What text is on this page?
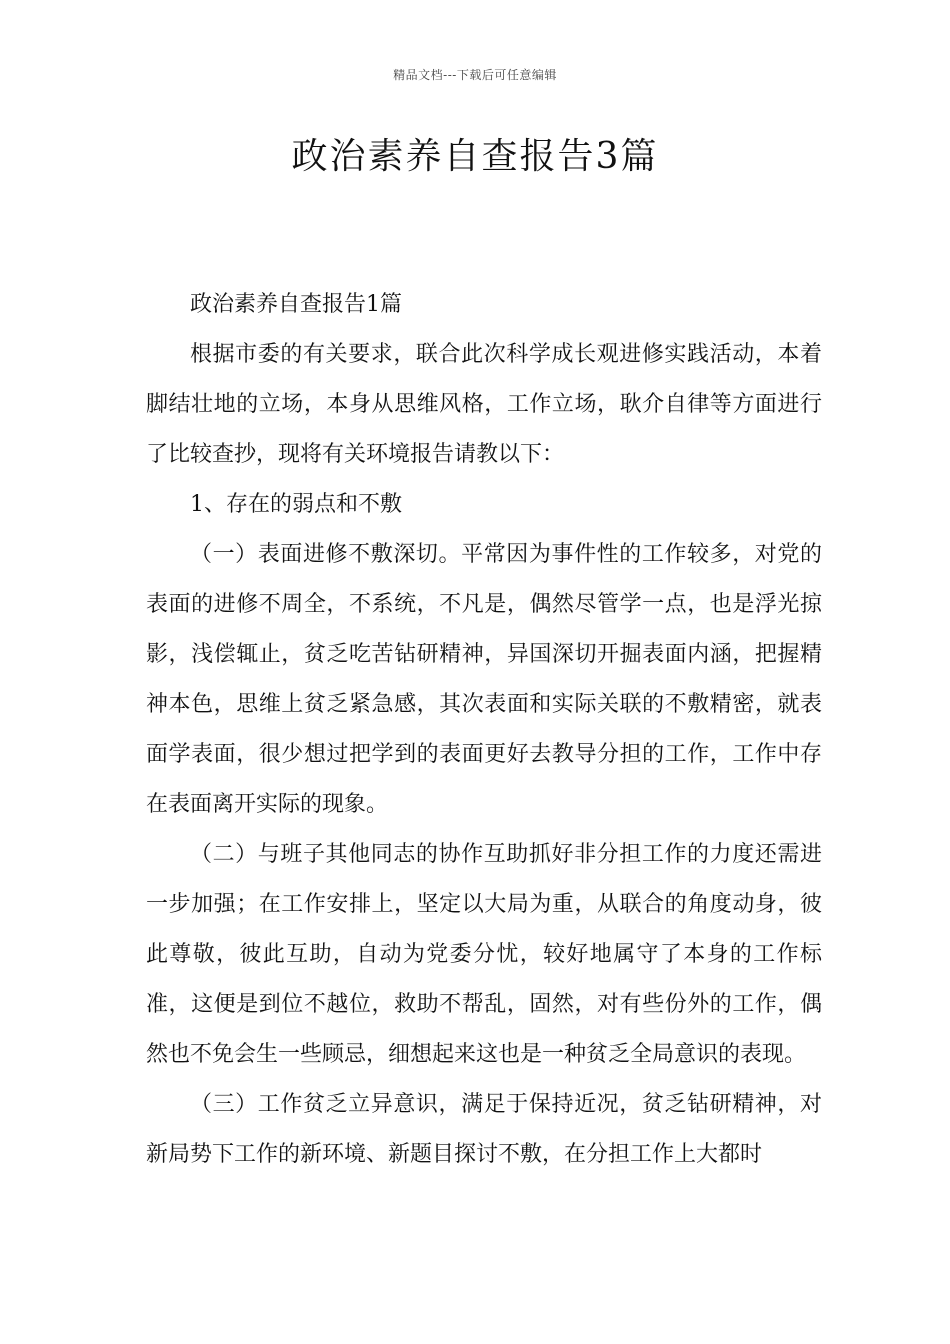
精品文档---下载后可任意编辑
政治素养自查报告3篇

政治素养自查报告1篇

根据市委的有关要求，联合此次科学成长观进修实践活动，本着脚结壮地的立场，本身从思维风格，工作立场，耿介自律等方面进行了比较查抄，现将有关环境报告请教以下：

1、存在的弱点和不敷

（一）表面进修不敷深切。平常因为事件性的工作较多，对党的表面的进修不周全，不系统，不凡是，偶然尽管学一点，也是浮光掠影，浅偿辄止，贫乏吃苦钻研精神，异国深切开掘表面内涵，把握精神本色，思维上贫乏紧急感，其次表面和实际关联的不敷精密，就表面学表面，很少想过把学到的表面更好去教导分担的工作，工作中存在表面离开实际的现象。

（二）与班子其他同志的协作互助抓好非分担工作的力度还需进一步加强；在工作安排上，坚定以大局为重，从联合的角度动身，彼此尊敬，彼此互助，自动为党委分忧，较好地属守了本身的工作标准，这便是到位不越位，救助不帮乱，固然，对有些份外的工作，偶然也不免会生一些顾忌，细想起来这也是一种贫乏全局意识的表现。

（三）工作贫乏立异意识，满足于保持近况，贫乏钻研精神，对新局势下工作的新环境、新题目探讨不敷，在分担工作上大都时
